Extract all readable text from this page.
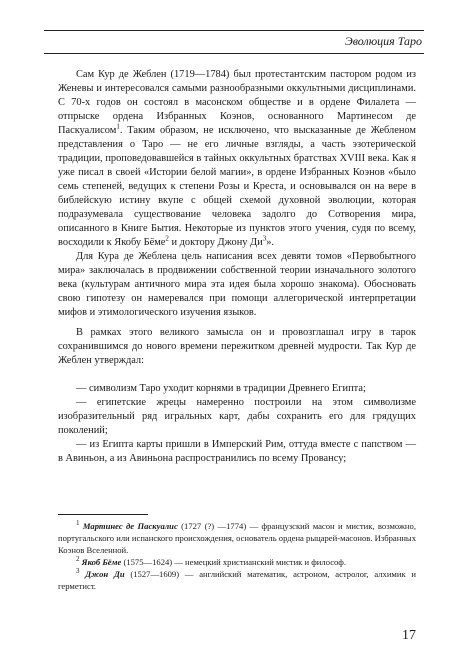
Эволюция Таро

Сам Кур де Жеблен (1719—1784) был протестантским пастором родом из Женевы и интересовался самыми разнообразными оккультными дисциплинами. С 70-х годов он состоял в масонском обществе и в ордене Филалета — отпрыске ордена Избранных Коэнов, основанного Мартинесом де Паскуалисом$^1$. Таким образом, не исключено, что высказанные де Жебленом представления о Таро — не его личные взгляды, а часть эзотерической традиции, проповедовавшейся в тайных оккультных братствах XVIII века. Как я уже писал в своей «Истории белой магии», в ордене Избранных Коэнов «было семь степеней, ведущих к степени Розы и Креста, и основывался он на вере в библейскую истину вкупе с общей схемой духовной эволюции, которая подразумевала существование человека задолго до Сотворения мира, описанного в Книге Бытия. Некоторые из пунктов этого учения, судя по всему, восходили к Якобу Бёме$^2$ и доктору Джону $Ди^3$».

Для Кура де Жеблена цель написания всех девяти томов «Первобытного мира» заключалась в продвижении собственной теории изначального золотого века (культурам античного мира эта идея была хорошо знакома). Обосновать свою гипотезу он намеревался при помощи аллегорической интерпретации мифов и этимологического изучения языков.

В рамках этого великого замысла он и провозглашал игру в тарок сохранившимся до нового времени пережитком древней мудрости. Так Кур де Жеблен утверждал:

— символизм Таро уходит корнями в традиции Древнего Египта;

— египетские жрецы намеренно построили на этом символизме изобразительный ряд игральных карт, дабы сохранить его для грядущих поколений;

— из Египта карты пришли в Имперский Рим, оттуда вместе с папством — в Авиньон, а из Авиньона распространились по всему Провансу;

$^1$ Мартинес де Паскуалис (1727 (?) —1774) — французский масон и мистик, возможно, португальского или испанского происхождения, основатель ордена рыцарей-масонов. Избранных Коэнов Вселенной.

$^2$ Якоб Бёме (1575—1624) — немецкий христианский мистик и философ.

$^3$ Джон Ди (1527—1609) — английский математик, астроном, астролог, алхимик и герметист.

17
